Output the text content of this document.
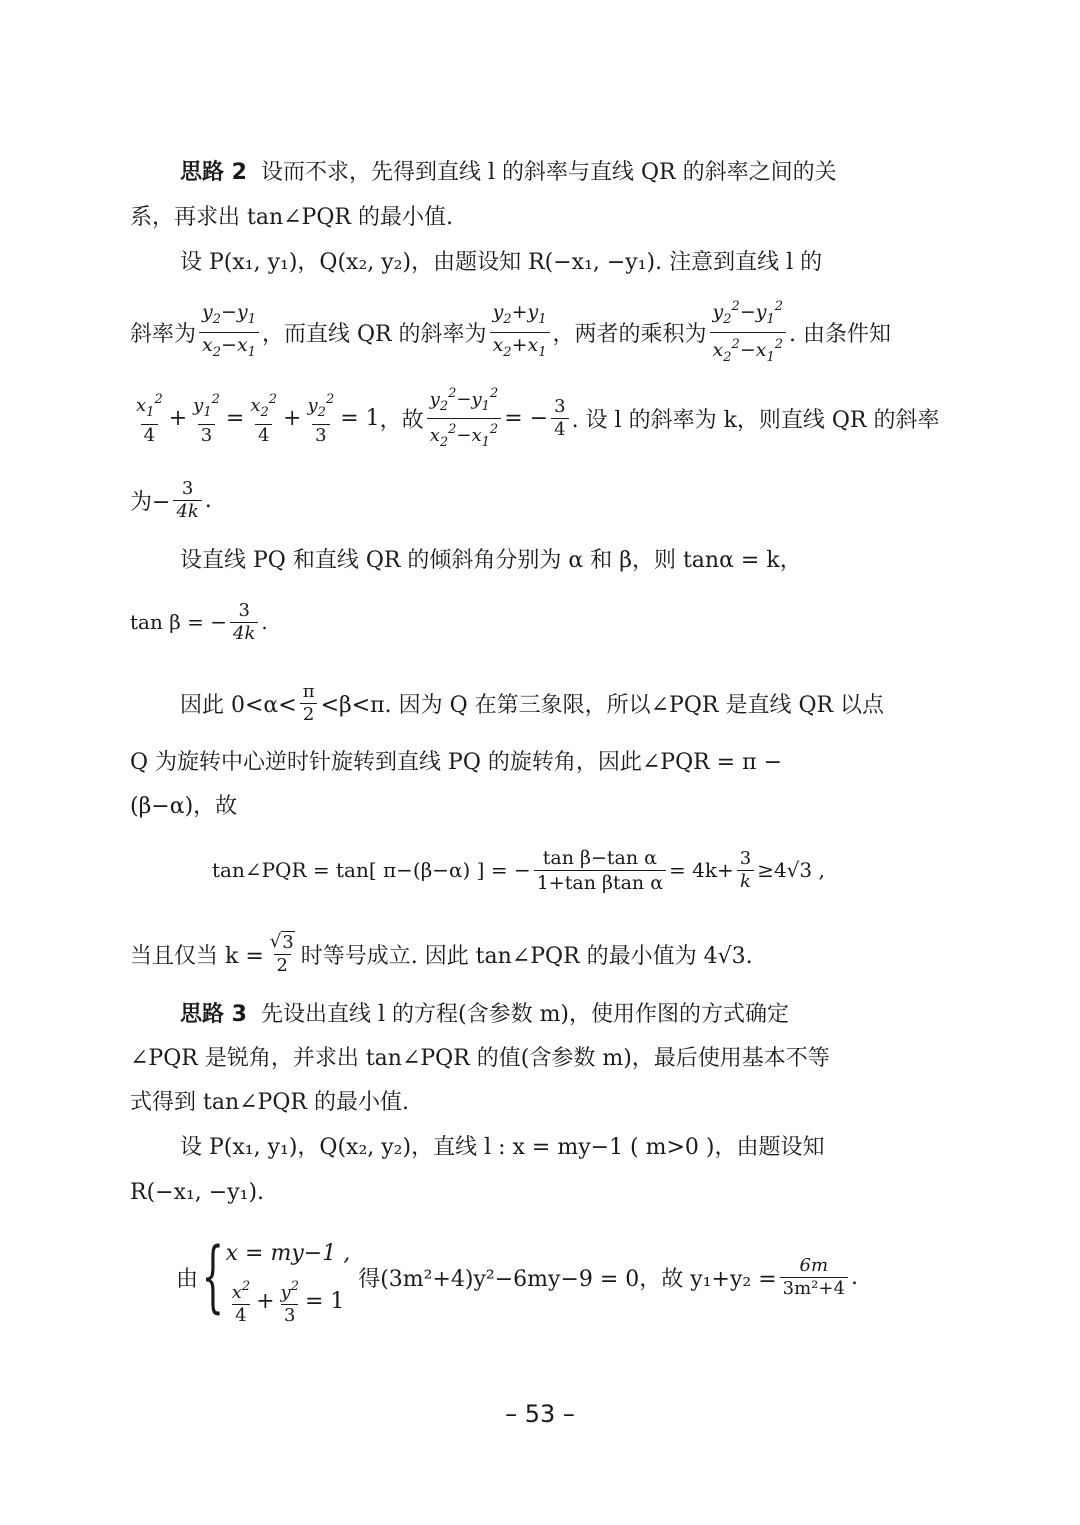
思路 2 设而不求，先得到直线 l 的斜率与直线 QR 的斜率之间的关
系，再求出 tan∠PQR 的最小值.
设 P(x₁, y₁)，Q(x₂, y₂)，由题设知 R(−x₁, −y₁). 注意到直线 l 的
斜率为 $\frac{y_2-y_1}{x_2-x_1}$ ，而直线 QR 的斜率为 $\frac{y_2+y_1}{x_2+x_1}$ ，两者的乘积为 $\frac{y_2^2-y_1^2}{x_2^2-x_1^2}$ . 由条件知
$\frac{x_1^2}{4} + \frac{y_1^2}{3} = \frac{x_2^2}{4} + \frac{y_2^2}{3} = 1$ ，故 $\frac{y_2^2-y_1^2}{x_2^2-x_1^2}$ = − $\frac{3}{4}$ . 设 l 的斜率为 k，则直线 QR 的斜率
为− $\frac{3}{4k}$ .
设直线 PQ 和直线 QR 的倾斜角分别为 α 和 β，则 tanα = k，
tan β = − $\frac{3}{4k}$ .
因此 $0<\alpha< \frac{\pi}{2} <\beta<\pi$. 因为 Q 在第三象限，所以∠PQR 是直线 QR 以点
Q 为旋转中心逆时针旋转到直线 PQ 的旋转角，因此∠PQR = π −
(β−α)，故
tan∠PQR = tan[ π−(β−α) ] = − $\frac{\text{tan β−tan α}}{\text{1+tan βtan α}} = 4k+ \frac{3}{k} \ge 4√3$ ,
当且仅当 $k = \frac{√ 3}{2}$ 时等号成立. 因此 tan∠PQR 的最小值为 4√3.
思路 3 先设出直线 l 的方程(含参数 m)，使用作图的方式确定
∠PQR 是锐角，并求出 tan∠PQR 的值(含参数 m)，最后使用基本不等
式得到 tan∠PQR 的最小值.
设 P(x₁, y₁)，Q(x₂, y₂)，直线 l : x = my−1 ( m>0 )，由题设知
R(−x₁, −y₁).
由 { x = my−1 ,
$\frac{x^2}{4} + \frac{y^2}{3} = 1$
得(3m²+4)y²−6my−9 = 0，故 $y_1+y_2 = \frac{6m}{\text{3m²+4}}$ .
– 53 –
